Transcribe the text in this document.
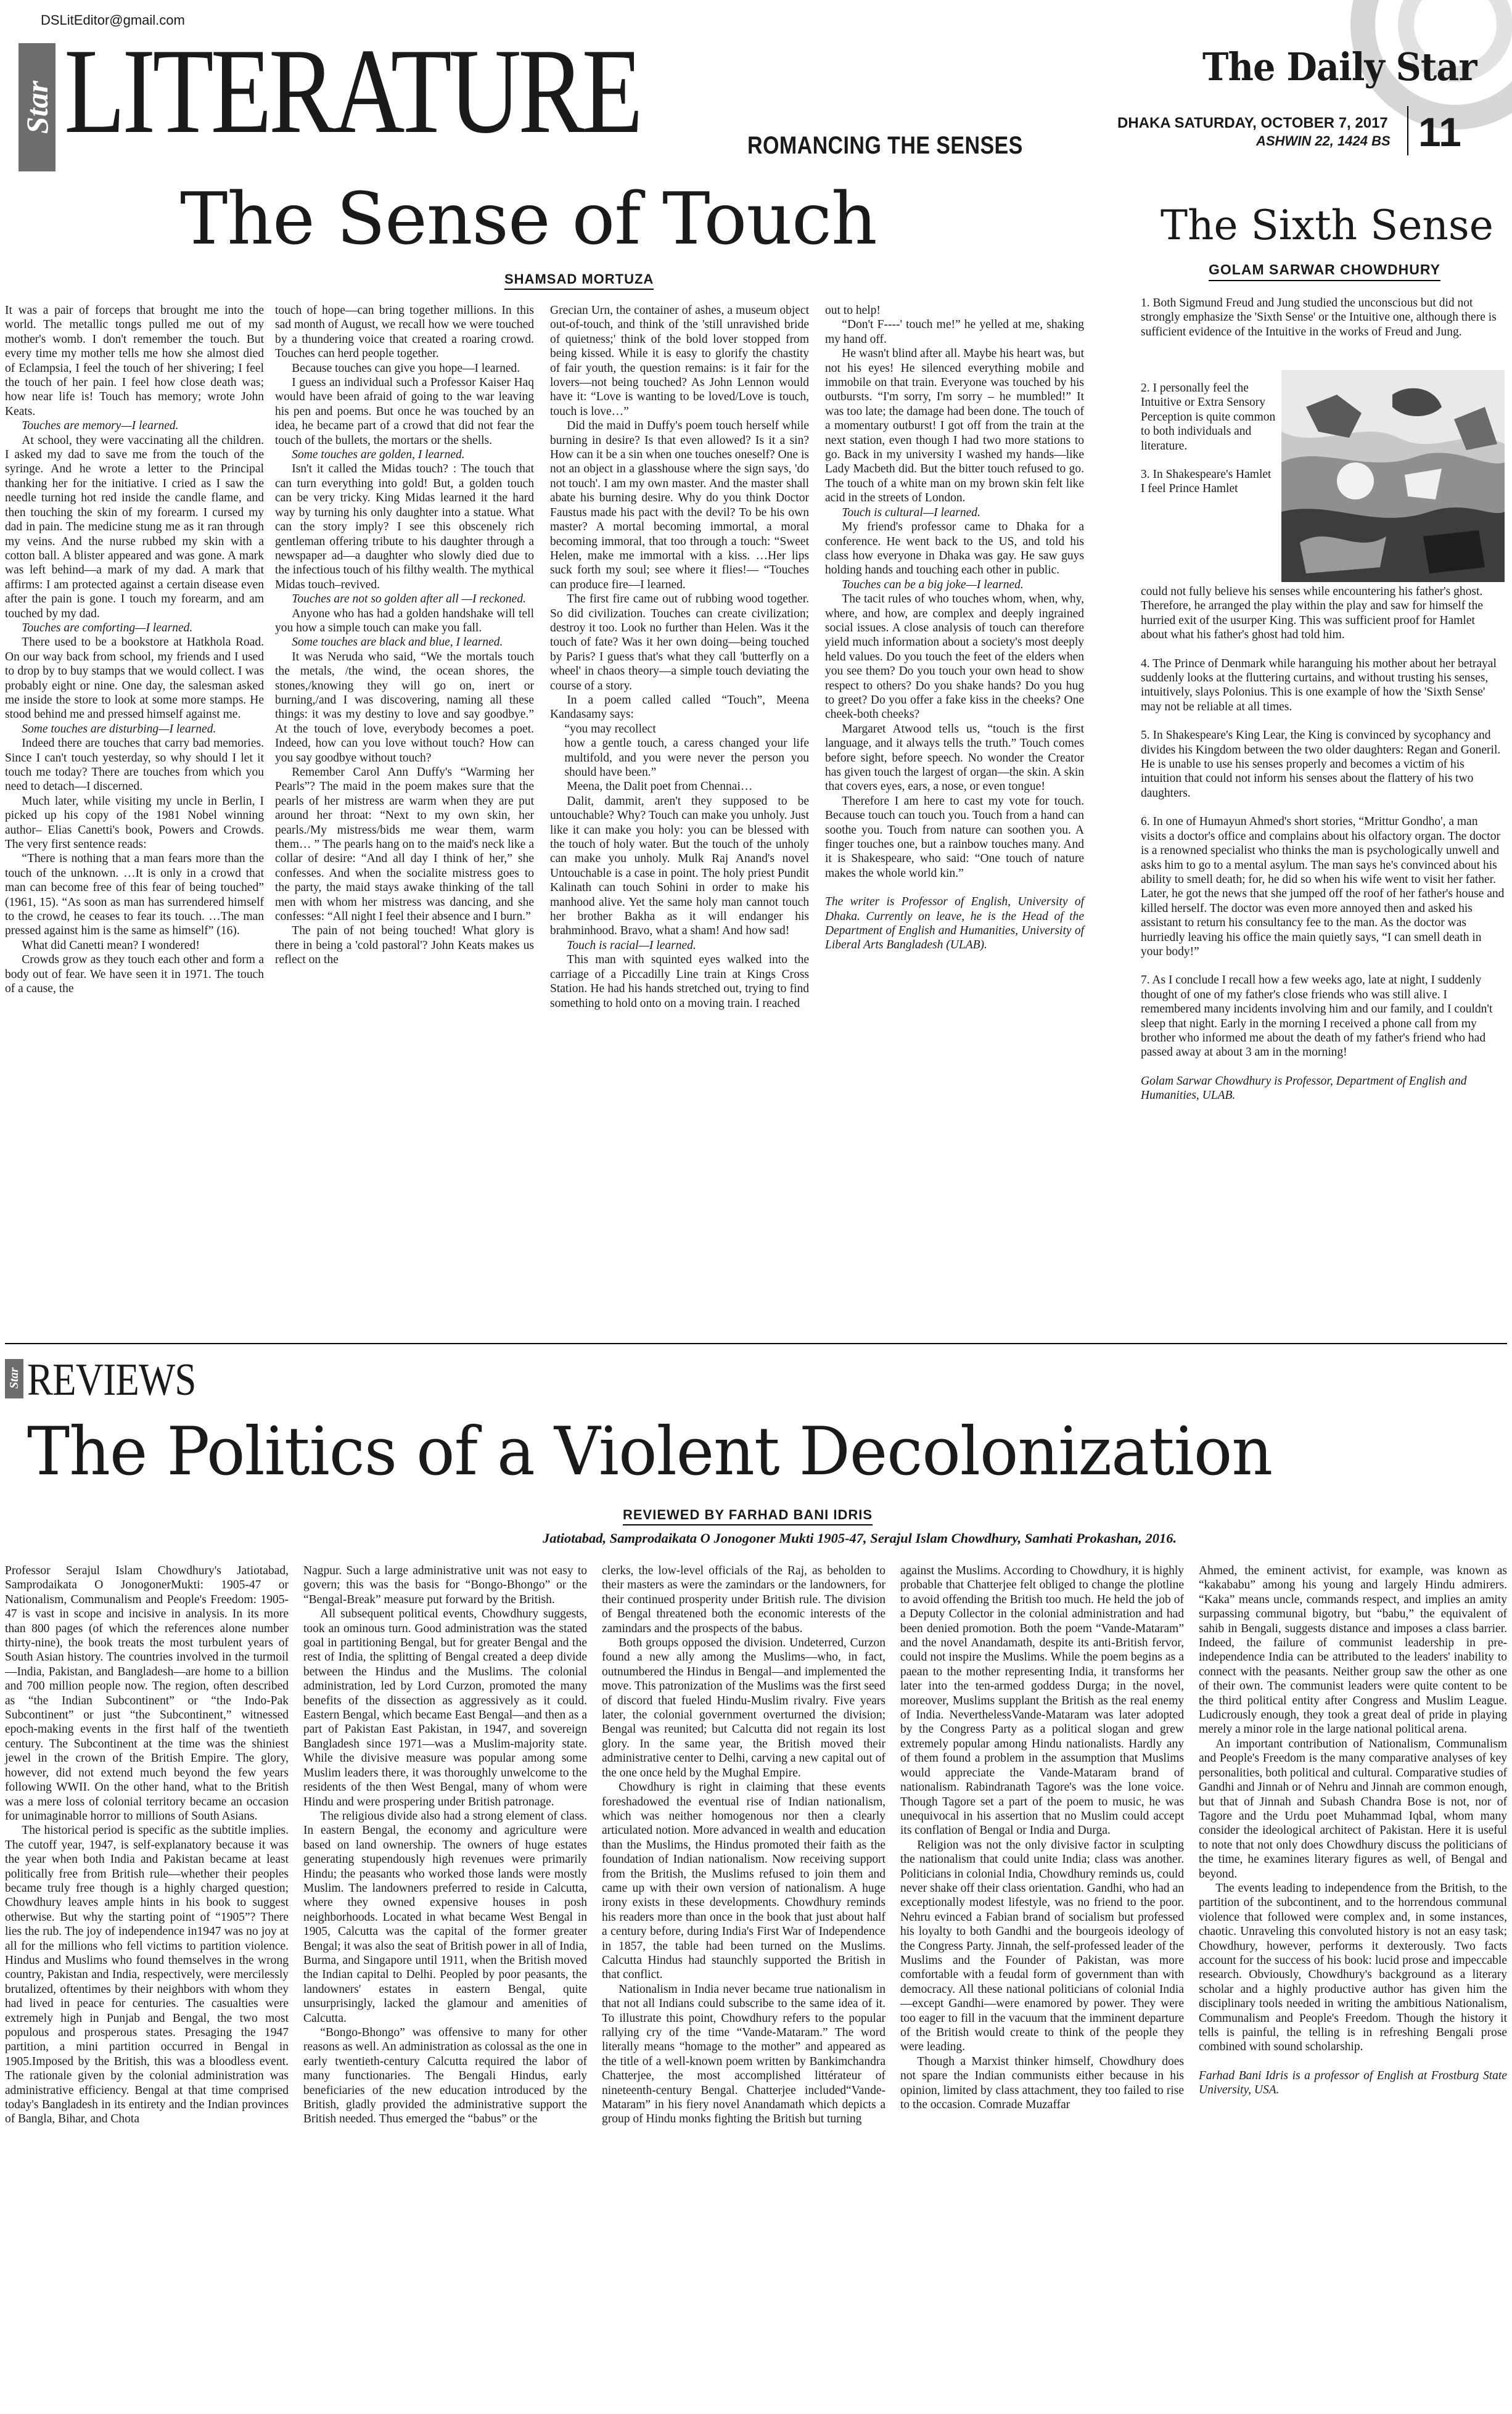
DSLitEditor@gmail.com
Star LITERATURE	ROMANCING THE SENSES
The Daily Star
DHAKA SATURDAY, OCTOBER 7, 2017
ASHWIN 22, 1424 BS 11
The Sense of Touch
SHAMSAD MORTUZA

It was a pair of forceps that brought me into the world. The metallic tongs pulled me out of my mother's womb. I don't remember the touch. But every time my mother tells me how she almost died of Eclampsia, I feel the touch of her shivering; I feel the touch of her pain. I feel how close death was; how near life is! Touch has memory; wrote John Keats.

Touches are memory—I learned.

At school, they were vaccinating all the children. I asked my dad to save me from the touch of the syringe. And he wrote a letter to the Principal thanking her for the initiative. I cried as I saw the needle turning hot red inside the candle flame, and then touching the skin of my forearm. I cursed my dad in pain. The medicine stung me as it ran through my veins. And the nurse rubbed my skin with a cotton ball. A blister appeared and was gone. A mark was left behind—a mark of my dad. A mark that affirms: I am protected against a certain disease even after the pain is gone. I touch my forearm, and am touched by my dad.

Touches are comforting—I learned.

There used to be a bookstore at Hatkhola Road. On our way back from school, my friends and I used to drop by to buy stamps that we would collect. I was probably eight or nine. One day, the salesman asked me inside the store to look at some more stamps. He stood behind me and pressed himself against me.

Some touches are disturbing—I learned.

Indeed there are touches that carry bad memories. Since I can't touch yesterday, so why should I let it touch me today? There are touches from which you need to detach—I discerned.

Much later, while visiting my uncle in Berlin, I picked up his copy of the 1981 Nobel winning author– Elias Canetti's book, Powers and Crowds. The very first sentence reads:

“There is nothing that a man fears more than the touch of the unknown. …It is only in a crowd that man can become free of this fear of being touched” (1961, 15). “As soon as man has surrendered himself to the crowd, he ceases to fear its touch. …The man pressed against him is the same as himself” (16).

What did Canetti mean? I wondered!

Crowds grow as they touch each other and form a body out of fear. We have seen it in 1971. The touch of a cause, the

touch of hope—can bring together millions. In this sad month of August, we recall how we were touched by a thundering voice that created a roaring crowd. Touches can herd people together.

Because touches can give you hope—I learned.

I guess an individual such a Professor Kaiser Haq would have been afraid of going to the war leaving his pen and poems. But once he was touched by an idea, he became part of a crowd that did not fear the touch of the bullets, the mortars or the shells.

Some touches are golden, I learned.

Isn't it called the Midas touch? : The touch that can turn everything into gold! But, a golden touch can be very tricky. King Midas learned it the hard way by turning his only daughter into a statue. What can the story imply? I see this obscenely rich gentleman offering tribute to his daughter through a newspaper ad—a daughter who slowly died due to the infectious touch of his filthy wealth. The mythical Midas touch–revived.

Touches are not so golden after all —I reckoned.

Anyone who has had a golden handshake will tell you how a simple touch can make you fall.

Some touches are black and blue, I learned.

It was Neruda who said, “We the mortals touch the metals, /the wind, the ocean shores, the stones,/knowing they will go on, inert or burning,/and I was discovering, naming all these things: it was my destiny to love and say goodbye.” At the touch of love, everybody becomes a poet. Indeed, how can you love without touch? How can you say goodbye without touch?

Remember Carol Ann Duffy's “Warming her Pearls”? The maid in the poem makes sure that the pearls of her mistress are warm when they are put around her throat: “Next to my own skin, her pearls./My mistress/bids me wear them, warm them… ” The pearls hang on to the maid's neck like a collar of desire: “And all day I think of her,” she confesses. And when the socialite mistress goes to the party, the maid stays awake thinking of the tall men with whom her mistress was dancing, and she confesses: “All night I feel their absence and I burn.”

The pain of not being touched! What glory is there in being a 'cold pastoral'? John Keats makes us reflect on the

Grecian Urn, the container of ashes, a museum object out-of-touch, and think of the 'still unravished bride of quietness;' think of the bold lover stopped from being kissed. While it is easy to glorify the chastity of fair youth, the question remains: is it fair for the lovers—not being touched? As John Lennon would have it: “Love is wanting to be loved/Love is touch, touch is love…”

Did the maid in Duffy's poem touch herself while burning in desire? Is that even allowed? Is it a sin? How can it be a sin when one touches oneself? One is not an object in a glasshouse where the sign says, 'do not touch'. I am my own master. And the master shall abate his burning desire. Why do you think Doctor Faustus made his pact with the devil? To be his own master? A mortal becoming immortal, a moral becoming immoral, that too through a touch: “Sweet Helen, make me immortal with a kiss. …Her lips suck forth my soul; see where it flies!— “Touches can produce fire—I learned.

The first fire came out of rubbing wood together. So did civilization. Touches can create civilization; destroy it too. Look no further than Helen. Was it the touch of fate? Was it her own doing—being touched by Paris? I guess that's what they call 'butterfly on a wheel' in chaos theory—a simple touch deviating the course of a story.

In a poem called called “Touch”, Meena Kandasamy says:

“you may recollect

how a gentle touch, a caress changed your life multifold, and you were never the person you should have been.”

Meena, the Dalit poet from Chennai…

Dalit, dammit, aren't they supposed to be untouchable? Why? Touch can make you unholy. Just like it can make you holy: you can be blessed with the touch of holy water. But the touch of the unholy can make you unholy. Mulk Raj Anand's novel Untouchable is a case in point. The holy priest Pundit Kalinath can touch Sohini in order to make his manhood alive. Yet the same holy man cannot touch her brother Bakha as it will endanger his brahminhood. Bravo, what a sham! And how sad!

Touch is racial—I learned.

This man with squinted eyes walked into the carriage of a Piccadilly Line train at Kings Cross Station. He had his hands stretched out, trying to find something to hold onto on a moving train. I reached

out to help!

“Don't F----' touch me!” he yelled at me, shaking my hand off.

He wasn't blind after all. Maybe his heart was, but not his eyes! He silenced everything mobile and immobile on that train. Everyone was touched by his outbursts. “I'm sorry, I'm sorry – he mumbled!” It was too late; the damage had been done. The touch of a momentary outburst! I got off from the train at the next station, even though I had two more stations to go. Back in my university I washed my hands—like Lady Macbeth did. But the bitter touch refused to go. The touch of a white man on my brown skin felt like acid in the streets of London.

Touch is cultural—I learned.

My friend's professor came to Dhaka for a conference. He went back to the US, and told his class how everyone in Dhaka was gay. He saw guys holding hands and touching each other in public.

Touches can be a big joke—I learned.

The tacit rules of who touches whom, when, why, where, and how, are complex and deeply ingrained social issues. A close analysis of touch can therefore yield much information about a society's most deeply held values. Do you touch the feet of the elders when you see them? Do you touch your own head to show respect to others? Do you shake hands? Do you hug to greet? Do you offer a fake kiss in the cheeks? One cheek-both cheeks?

Margaret Atwood tells us, “touch is the first language, and it always tells the truth.” Touch comes before sight, before speech. No wonder the Creator has given touch the largest of organ—the skin. A skin that covers eyes, ears, a nose, or even tongue!

Therefore I am here to cast my vote for touch. Because touch can touch you. Touch from a hand can soothe you. Touch from nature can soothen you. A finger touches one, but a rainbow touches many. And it is Shakespeare, who said: “One touch of nature makes the whole world kin.”

The writer is Professor of English, University of Dhaka. Currently on leave, he is the Head of the Department of English and Humanities, University of Liberal Arts Bangladesh (ULAB).

The Sixth Sense
GOLAM SARWAR CHOWDHURY

1. Both Sigmund Freud and Jung studied the unconscious but did not strongly emphasize the 'Sixth Sense' or the Intuitive one, although there is sufficient evidence of the Intuitive in the works of Freud and Jung.

2. I personally feel the Intuitive or Extra Sensory Perception is quite common to both individuals and literature.

3. In Shakespeare's Hamlet I feel Prince Hamlet

could not fully believe his senses while encountering his father's ghost. Therefore, he arranged the play within the play and saw for himself the hurried exit of the usurper King. This was sufficient proof for Hamlet about what his father's ghost had told him.

4. The Prince of Denmark while haranguing his mother about her betrayal suddenly looks at the fluttering curtains, and without trusting his senses, intuitively, slays Polonius. This is one example of how the 'Sixth Sense' may not be reliable at all times.

5. In Shakespeare's King Lear, the King is convinced by sycophancy and divides his Kingdom between the two older daughters: Regan and Goneril. He is unable to use his senses properly and becomes a victim of his intuition that could not inform his senses about the flattery of his two daughters.

6. In one of Humayun Ahmed's short stories, “Mrittur Gondho', a man visits a doctor's office and complains about his olfactory organ. The doctor is a renowned specialist who thinks the man is psychologically unwell and asks him to go to a mental asylum. The man says he's convinced about his ability to smell death; for, he did so when his wife went to visit her father. Later, he got the news that she jumped off the roof of her father's house and killed herself. The doctor was even more annoyed then and asked his assistant to return his consultancy fee to the man. As the doctor was hurriedly leaving his office the main quietly says, “I can smell death in your body!”

7. As I conclude I recall how a few weeks ago, late at night, I suddenly thought of one of my father's close friends who was still alive. I remembered many incidents involving him and our family, and I couldn't sleep that night. Early in the morning I received a phone call from my brother who informed me about the death of my father's friend who had passed away at about 3 am in the morning!

Golam Sarwar Chowdhury is Professor, Department of English and Humanities, ULAB.

Star REVIEWS
The Politics of a Violent Decolonization
REVIEWED BY FARHAD BANI IDRIS
Jatiotabad, Samprodaikata O Jonogoner Mukti 1905-47, Serajul Islam Chowdhury, Samhati Prokashan, 2016.

Professor Serajul Islam Chowdhury's Jatiotabad, Samprodaikata O JonogonerMukti: 1905-47 or Nationalism, Communalism and People's Freedom: 1905-47 is vast in scope and incisive in analysis. In its more than 800 pages (of which the references alone number thirty-nine), the book treats the most turbulent years of South Asian history. The countries involved in the turmoil—India, Pakistan, and Bangladesh—are home to a billion and 700 million people now. The region, often described as “the Indian Subcontinent” or “the Indo-Pak Subcontinent” or just “the Subcontinent,” witnessed epoch-making events in the first half of the twentieth century. The Subcontinent at the time was the shiniest jewel in the crown of the British Empire. The glory, however, did not extend much beyond the few years following WWII. On the other hand, what to the British was a mere loss of colonial territory became an occasion for unimaginable horror to millions of South Asians.

The historical period is specific as the subtitle implies. The cutoff year, 1947, is self-explanatory because it was the year when both India and Pakistan became at least politically free from British rule—whether their peoples became truly free though is a highly charged question; Chowdhury leaves ample hints in his book to suggest otherwise. But why the starting point of “1905”? There lies the rub. The joy of independence in1947 was no joy at all for the millions who fell victims to partition violence. Hindus and Muslims who found themselves in the wrong country, Pakistan and India, respectively, were mercilessly brutalized, oftentimes by their neighbors with whom they had lived in peace for centuries. The casualties were extremely high in Punjab and Bengal, the two most populous and prosperous states. Presaging the 1947 partition, a mini partition occurred in Bengal in 1905.Imposed by the British, this was a bloodless event. The rationale given by the colonial administration was administrative efficiency. Bengal at that time comprised today's Bangladesh in its entirety and the Indian provinces of Bangla, Bihar, and Chota

Nagpur. Such a large administrative unit was not easy to govern; this was the basis for “Bongo-Bhongo” or the “Bengal-Break” measure put forward by the British.

All subsequent political events, Chowdhury suggests, took an ominous turn. Good administration was the stated goal in partitioning Bengal, but for greater Bengal and the rest of India, the splitting of Bengal created a deep divide between the Hindus and the Muslims. The colonial administration, led by Lord Curzon, promoted the many benefits of the dissection as aggressively as it could. Eastern Bengal, which became East Bengal—and then as a part of Pakistan East Pakistan, in 1947, and sovereign Bangladesh since 1971—was a Muslim-majority state. While the divisive measure was popular among some Muslim leaders there, it was thoroughly unwelcome to the residents of the then West Bengal, many of whom were Hindu and were prospering under British patronage.

The religious divide also had a strong element of class. In eastern Bengal, the economy and agriculture were based on land ownership. The owners of huge estates generating stupendously high revenues were primarily Hindu; the peasants who worked those lands were mostly Muslim. The landowners preferred to reside in Calcutta, where they owned expensive houses in posh neighborhoods. Located in what became West Bengal in 1905, Calcutta was the capital of the former greater Bengal; it was also the seat of British power in all of India, Burma, and Singapore until 1911, when the British moved the Indian capital to Delhi. Peopled by poor peasants, the landowners' estates in eastern Bengal, quite unsurprisingly, lacked the glamour and amenities of Calcutta.

“Bongo-Bhongo” was offensive to many for other reasons as well. An administration as colossal as the one in early twentieth-century Calcutta required the labor of many functionaries. The Bengali Hindus, early beneficiaries of the new education introduced by the British, gladly provided the administrative support the British needed. Thus emerged the “babus” or the

clerks, the low-level officials of the Raj, as beholden to their masters as were the zamindars or the landowners, for their continued prosperity under British rule. The division of Bengal threatened both the economic interests of the zamindars and the prospects of the babus.

Both groups opposed the division. Undeterred, Curzon found a new ally among the Muslims—who, in fact, outnumbered the Hindus in Bengal—and implemented the move. This patronization of the Muslims was the first seed of discord that fueled Hindu-Muslim rivalry. Five years later, the colonial government overturned the division; Bengal was reunited; but Calcutta did not regain its lost glory. In the same year, the British moved their administrative center to Delhi, carving a new capital out of the one once held by the Mughal Empire.

Chowdhury is right in claiming that these events foreshadowed the eventual rise of Indian nationalism, which was neither homogenous nor then a clearly articulated notion. More advanced in wealth and education than the Muslims, the Hindus promoted their faith as the foundation of Indian nationalism. Now receiving support from the British, the Muslims refused to join them and came up with their own version of nationalism. A huge irony exists in these developments. Chowdhury reminds his readers more than once in the book that just about half a century before, during India's First War of Independence in 1857, the table had been turned on the Muslims. Calcutta Hindus had staunchly supported the British in that conflict.

Nationalism in India never became true nationalism in that not all Indians could subscribe to the same idea of it. To illustrate this point, Chowdhury refers to the popular rallying cry of the time “Vande-Mataram.” The word literally means “homage to the mother” and appeared as the title of a well-known poem written by Bankimchandra Chatterjee, the most accomplished littérateur of nineteenth-century Bengal. Chatterjee included“Vande-Mataram” in his fiery novel Anandamath which depicts a group of Hindu monks fighting the British but turning

against the Muslims. According to Chowdhury, it is highly probable that Chatterjee felt obliged to change the plotline to avoid offending the British too much. He held the job of a Deputy Collector in the colonial administration and had been denied promotion. Both the poem “Vande-Mataram” and the novel Anandamath, despite its anti-British fervor, could not inspire the Muslims. While the poem begins as a paean to the mother representing India, it transforms her later into the ten-armed goddess Durga; in the novel, moreover, Muslims supplant the British as the real enemy of India. NeverthelessVande-Mataram was later adopted by the Congress Party as a political slogan and grew extremely popular among Hindu nationalists. Hardly any of them found a problem in the assumption that Muslims would appreciate the Vande-Mataram brand of nationalism. Rabindranath Tagore's was the lone voice. Though Tagore set a part of the poem to music, he was unequivocal in his assertion that no Muslim could accept its conflation of Bengal or India and Durga.

Religion was not the only divisive factor in sculpting the nationalism that could unite India; class was another. Politicians in colonial India, Chowdhury reminds us, could never shake off their class orientation. Gandhi, who had an exceptionally modest lifestyle, was no friend to the poor. Nehru evinced a Fabian brand of socialism but professed his loyalty to both Gandhi and the bourgeois ideology of the Congress Party. Jinnah, the self-professed leader of the Muslims and the Founder of Pakistan, was more comfortable with a feudal form of government than with democracy. All these national politicians of colonial India—except Gandhi—were enamored by power. They were too eager to fill in the vacuum that the imminent departure of the British would create to think of the people they were leading.

Though a Marxist thinker himself, Chowdhury does not spare the Indian communists either because in his opinion, limited by class attachment, they too failed to rise to the occasion. Comrade Muzaffar

Ahmed, the eminent activist, for example, was known as “kakababu” among his young and largely Hindu admirers. “Kaka” means uncle, commands respect, and implies an amity surpassing communal bigotry, but “babu,” the equivalent of sahib in Bengali, suggests distance and imposes a class barrier. Indeed, the failure of communist leadership in pre-independence India can be attributed to the leaders' inability to connect with the peasants. Neither group saw the other as one of their own. The communist leaders were quite content to be the third political entity after Congress and Muslim League. Ludicrously enough, they took a great deal of pride in playing merely a minor role in the large national political arena.

An important contribution of Nationalism, Communalism and People's Freedom is the many comparative analyses of key personalities, both political and cultural. Comparative studies of Gandhi and Jinnah or of Nehru and Jinnah are common enough, but that of Jinnah and Subash Chandra Bose is not, nor of Tagore and the Urdu poet Muhammad Iqbal, whom many consider the ideological architect of Pakistan. Here it is useful to note that not only does Chowdhury discuss the politicians of the time, he examines literary figures as well, of Bengal and beyond.

The events leading to independence from the British, to the partition of the subcontinent, and to the horrendous communal violence that followed were complex and, in some instances, chaotic. Unraveling this convoluted history is not an easy task; Chowdhury, however, performs it dexterously. Two facts account for the success of his book: lucid prose and impeccable research. Obviously, Chowdhury's background as a literary scholar and a highly productive author has given him the disciplinary tools needed in writing the ambitious Nationalism, Communalism and People's Freedom. Though the history it tells is painful, the telling is in refreshing Bengali prose combined with sound scholarship.

Farhad Bani Idris is a professor of English at Frostburg State University, USA.
